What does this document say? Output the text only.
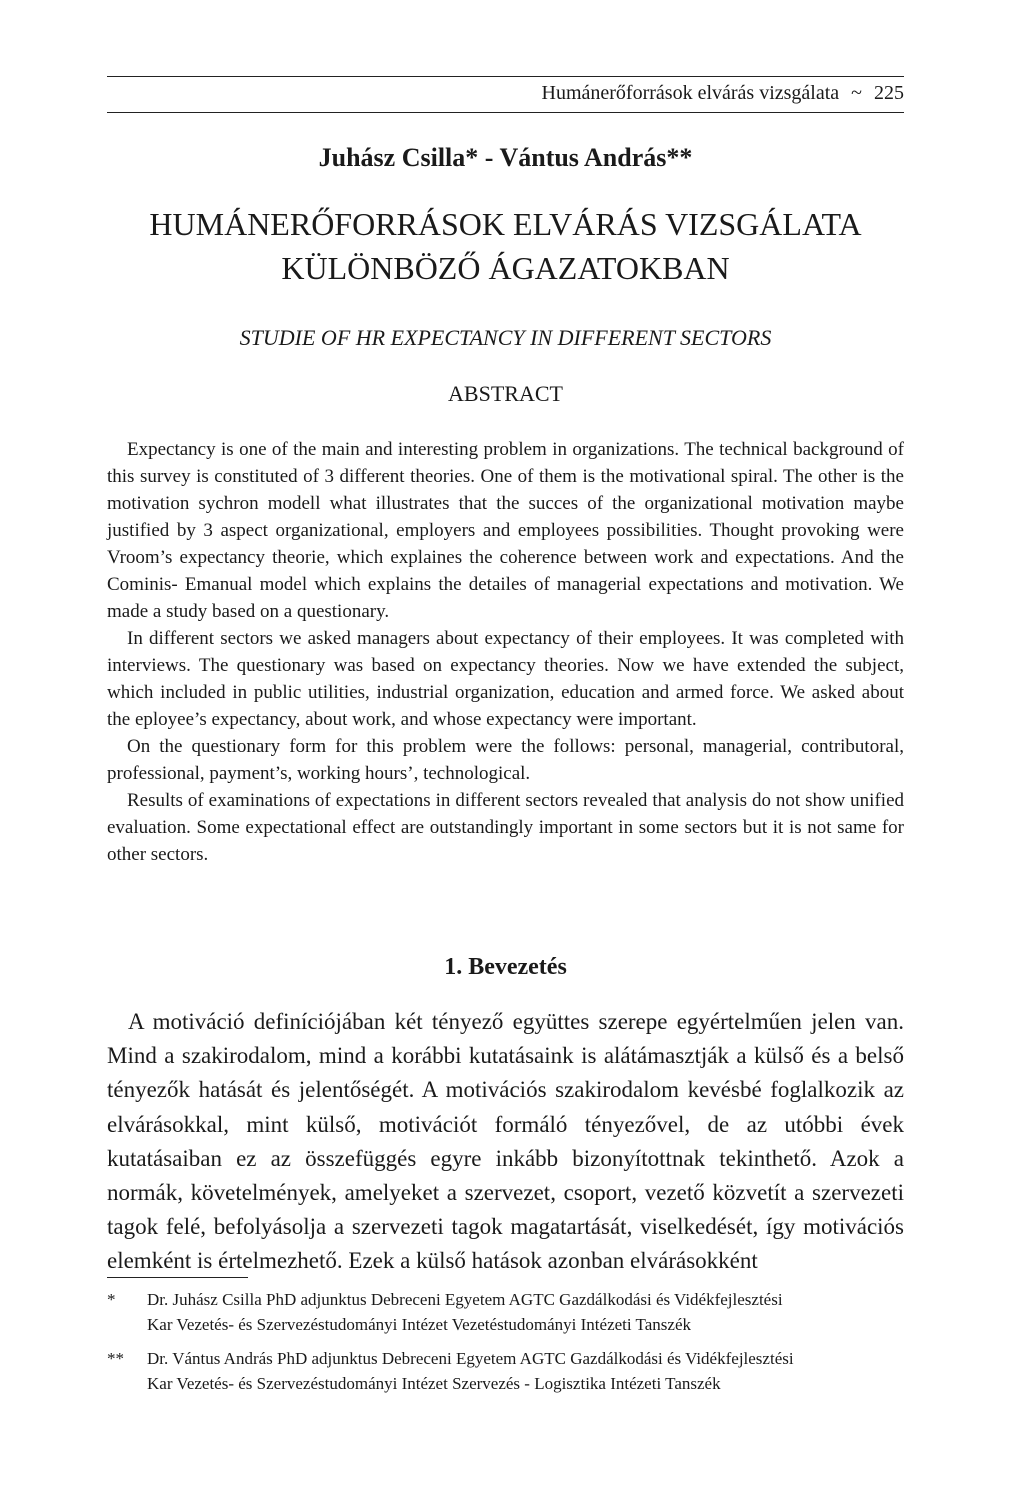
Humánerőforrások elvárás vizsgálata ~ 225
Juhász Csilla* - Vántus András**
HUMÁNERŐFORRÁSOK ELVÁRÁS VIZSGÁLATA
KÜLÖNBÖZŐ ÁGAZATOKBAN
STUDIE OF HR EXPECTANCY IN DIFFERENT SECTORS
ABSTRACT

Expectancy is one of the main and interesting problem in organizations. The technical background of this survey is constituted of 3 different theories. One of them is the motivational spiral. The other is the motivation sychron modell what illustrates that the succes of the organizational motivation maybe justified by 3 aspect organizational, employers and employees possibilities. Thought provoking were Vroom’s expectancy theorie, which explaines the coherence between work and expectations. And the Cominis- Emanual model which explains the detailes of managerial expectations and motivation. We made a study based on a questionary.

In different sectors we asked managers about expectancy of their employees. It was completed with interviews. The questionary was based on expectancy theories. Now we have extended the subject, which included in public utilities, industrial organization, education and armed force. We asked about the eployee’s expectancy, about work, and whose expectancy were important.

On the questionary form for this problem were the follows: personal, managerial, contributoral, professional, payment’s, working hours’, technological.

Results of examinations of expectations in different sectors revealed that analysis do not show unified evaluation. Some expectational effect are outstandingly important in some sectors but it is not same for other sectors.

1. Bevezetés

A motiváció definíciójában két tényező együttes szerepe egyértelműen jelen van. Mind a szakirodalom, mind a korábbi kutatásaink is alátámasztják a külső és a belső tényezők hatását és jelentőségét. A motivációs szakirodalom kevésbé foglalkozik az elvárásokkal, mint külső, motivációt formáló tényezővel, de az utóbbi évek kutatásaiban ez az összefüggés egyre inkább bizonyítottnak tekinthető. Azok a normák, követelmények, amelyeket a szervezet, csoport, vezető közvetít a szervezeti tagok felé, befolyásolja a szervezeti tagok magatartását, viselkedését, így motivációs elemként is értelmezhető. Ezek a külső hatások azonban elvárásokként

*	Dr. Juhász Csilla PhD adjunktus Debreceni Egyetem AGTC Gazdálkodási és Vidékfejlesztési
Kar Vezetés- és Szervezéstudományi Intézet Vezetéstudományi Intézeti Tanszék
**	Dr. Vántus András PhD adjunktus Debreceni Egyetem AGTC Gazdálkodási és Vidékfejlesztési
Kar Vezetés- és Szervezéstudományi Intézet Szervezés - Logisztika Intézeti Tanszék
